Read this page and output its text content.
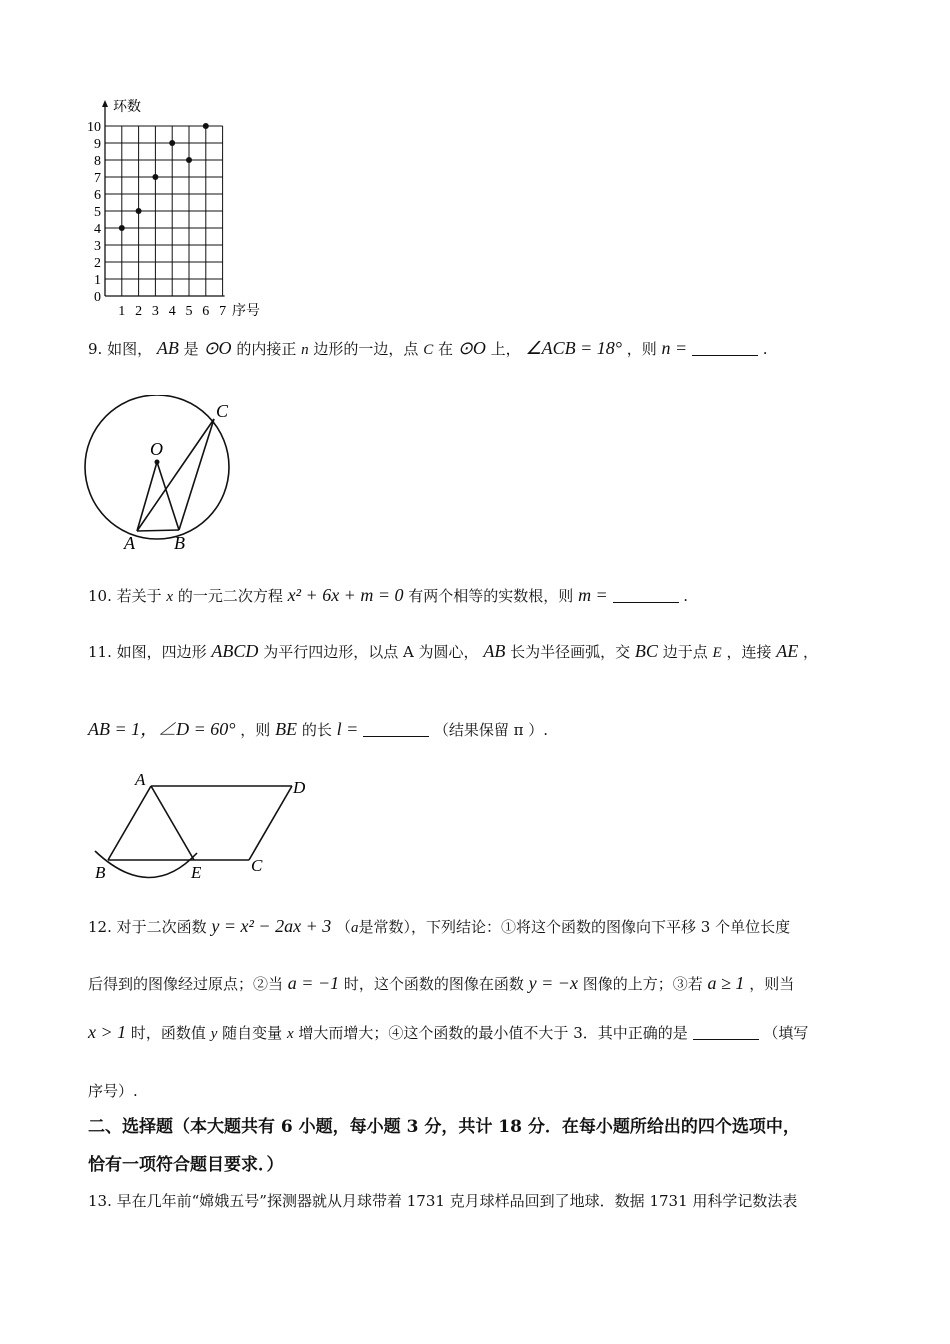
0
1
2
3
4
5
6
7
8
9
10
1 2 3 4 5 6 7
环数
序号
9. 如图， AB 是 ⊙O 的内接正 n 边形的一边，点 C 在 ⊙O 上， ∠ACB = 18° ，则 n =	.
O
A B
C
10. 若关于 x 的一元二次方程 x² + 6x + m = 0 有两个相等的实数根，则 m =	.
11. 如图，四边形 ABCD 为平行四边形，以点 A 为圆心， AB 长为半径画弧，交 BC 边于点 E ，连接 AE ，
AB = 1，∠D = 60° ，则 BE 的长 l =	（结果保留 π ）.
A	D
C
B	E
12. 对于二次函数 y = x² − 2ax + 3 （a是常数），下列结论：①将这个函数的图像向下平移 3 个单位长度
后得到的图像经过原点；②当 a = −1 时，这个函数的图像在函数 y = −x 图像的上方；③若 a ≥ 1 ，则当
x > 1 时，函数值 y 随自变量 x 增大而增大；④这个函数的最小值不大于 3．其中正确的是	（填写
序号）.
二、选择题（本大题共有 6 小题，每小题 3 分，共计 18 分．在每小题所给出的四个选项中，
恰有一项符合题目要求．）
13. 早在几年前“嫦娥五号”探测器就从月球带着 1731 克月球样品回到了地球．数据 1731 用科学记数法表
